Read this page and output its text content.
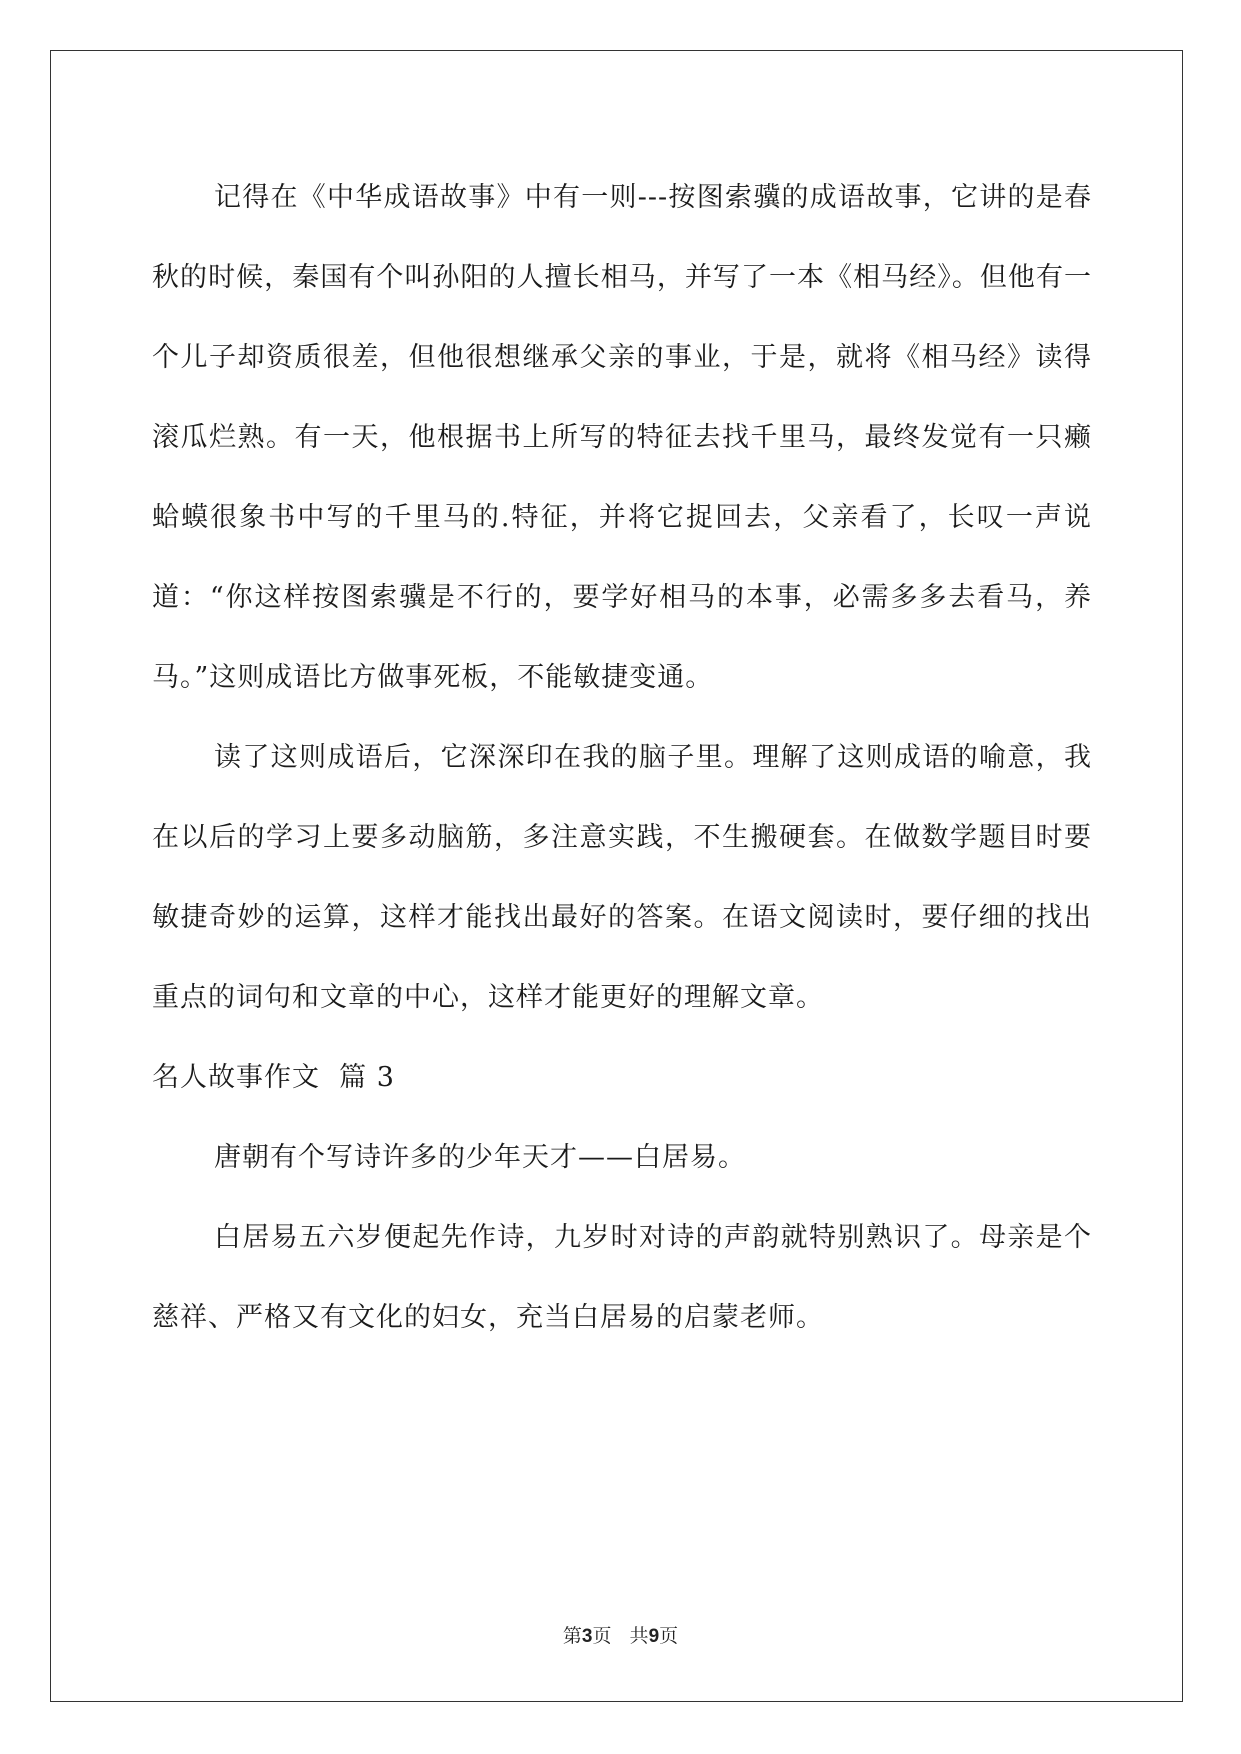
记得在《中华成语故事》中有一则---按图索骥的成语故事，它讲的是春秋的时候，秦国有个叫孙阳的人擅长相马，并写了一本《相马经》。但他有一个儿子却资质很差，但他很想继承父亲的事业，于是，就将《相马经》读得滚瓜烂熟。有一天，他根据书上所写的特征去找千里马，最终发觉有一只癞蛤蟆很象书中写的千里马的.特征，并将它捉回去，父亲看了，长叹一声说道：“你这样按图索骥是不行的，要学好相马的本事，必需多多去看马，养马。”这则成语比方做事死板，不能敏捷变通。

读了这则成语后，它深深印在我的脑子里。理解了这则成语的喻意，我在以后的学习上要多动脑筋，多注意实践，不生搬硬套。在做数学题目时要敏捷奇妙的运算，这样才能找出最好的答案。在语文阅读时，要仔细的找出重点的词句和文章的中心，这样才能更好的理解文章。

名人故事作文  篇 3

唐朝有个写诗许多的少年天才——白居易。

白居易五六岁便起先作诗，九岁时对诗的声韵就特别熟识了。母亲是个慈祥、严格又有文化的妇女，充当白居易的启蒙老师。

第3页   共9页
